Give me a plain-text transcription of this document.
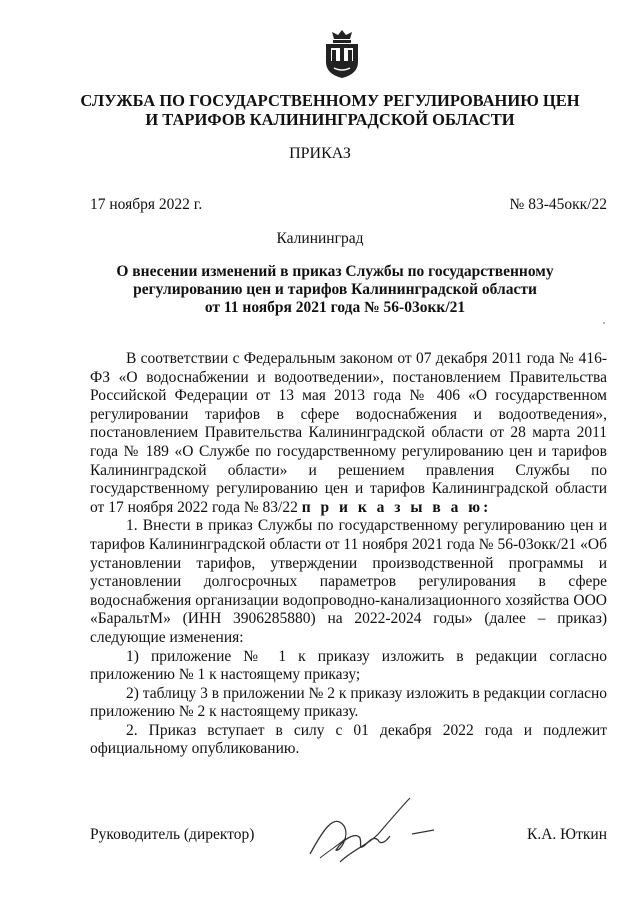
СЛУЖБА ПО ГОСУДАРСТВЕННОМУ РЕГУЛИРОВАНИЮ ЦЕН
И ТАРИФОВ КАЛИНИНГРАДСКОЙ ОБЛАСТИ
ПРИКАЗ
17 ноября 2022 г.	№ 83-45окк/22
Калининград
О внесении изменений в приказ Службы по государственному
регулированию цен и тарифов Калининградской области
от 11 ноября 2021 года № 56-03окк/21

В соответствии с Федеральным законом от 07 декабря 2011 года № 416-ФЗ «О водоснабжении и водоотведении», постановлением Правительства Российской Федерации от 13 мая 2013 года № 406 «О государственном регулировании тарифов в сфере водоснабжения и водоотведения», постановлением Правительства Калининградской области от 28 марта 2011 года № 189 «О Службе по государственному регулированию цен и тарифов Калининградской области» и решением правления Службы по государственному регулированию цен и тарифов Калининградской области от 17 ноября 2022 года № 83/22 п р и к а з ы в а ю:

1. Внести в приказ Службы по государственному регулированию цен и тарифов Калининградской области от 11 ноября 2021 года № 56-03окк/21 «Об установлении тарифов, утверждении производственной программы и установлении долгосрочных параметров регулирования в сфере водоснабжения организации водопроводно-канализационного хозяйства ООО «БаральтМ» (ИНН 3906285880) на 2022-2024 годы» (далее – приказ) следующие изменения:

1) приложение № 1 к приказу изложить в редакции согласно приложению № 1 к настоящему приказу;

2) таблицу 3 в приложении № 2 к приказу изложить в редакции согласно приложению № 2 к настоящему приказу.

2. Приказ вступает в силу с 01 декабря 2022 года и подлежит официальному опубликованию.

Руководитель (директор)	К.А. Юткин
